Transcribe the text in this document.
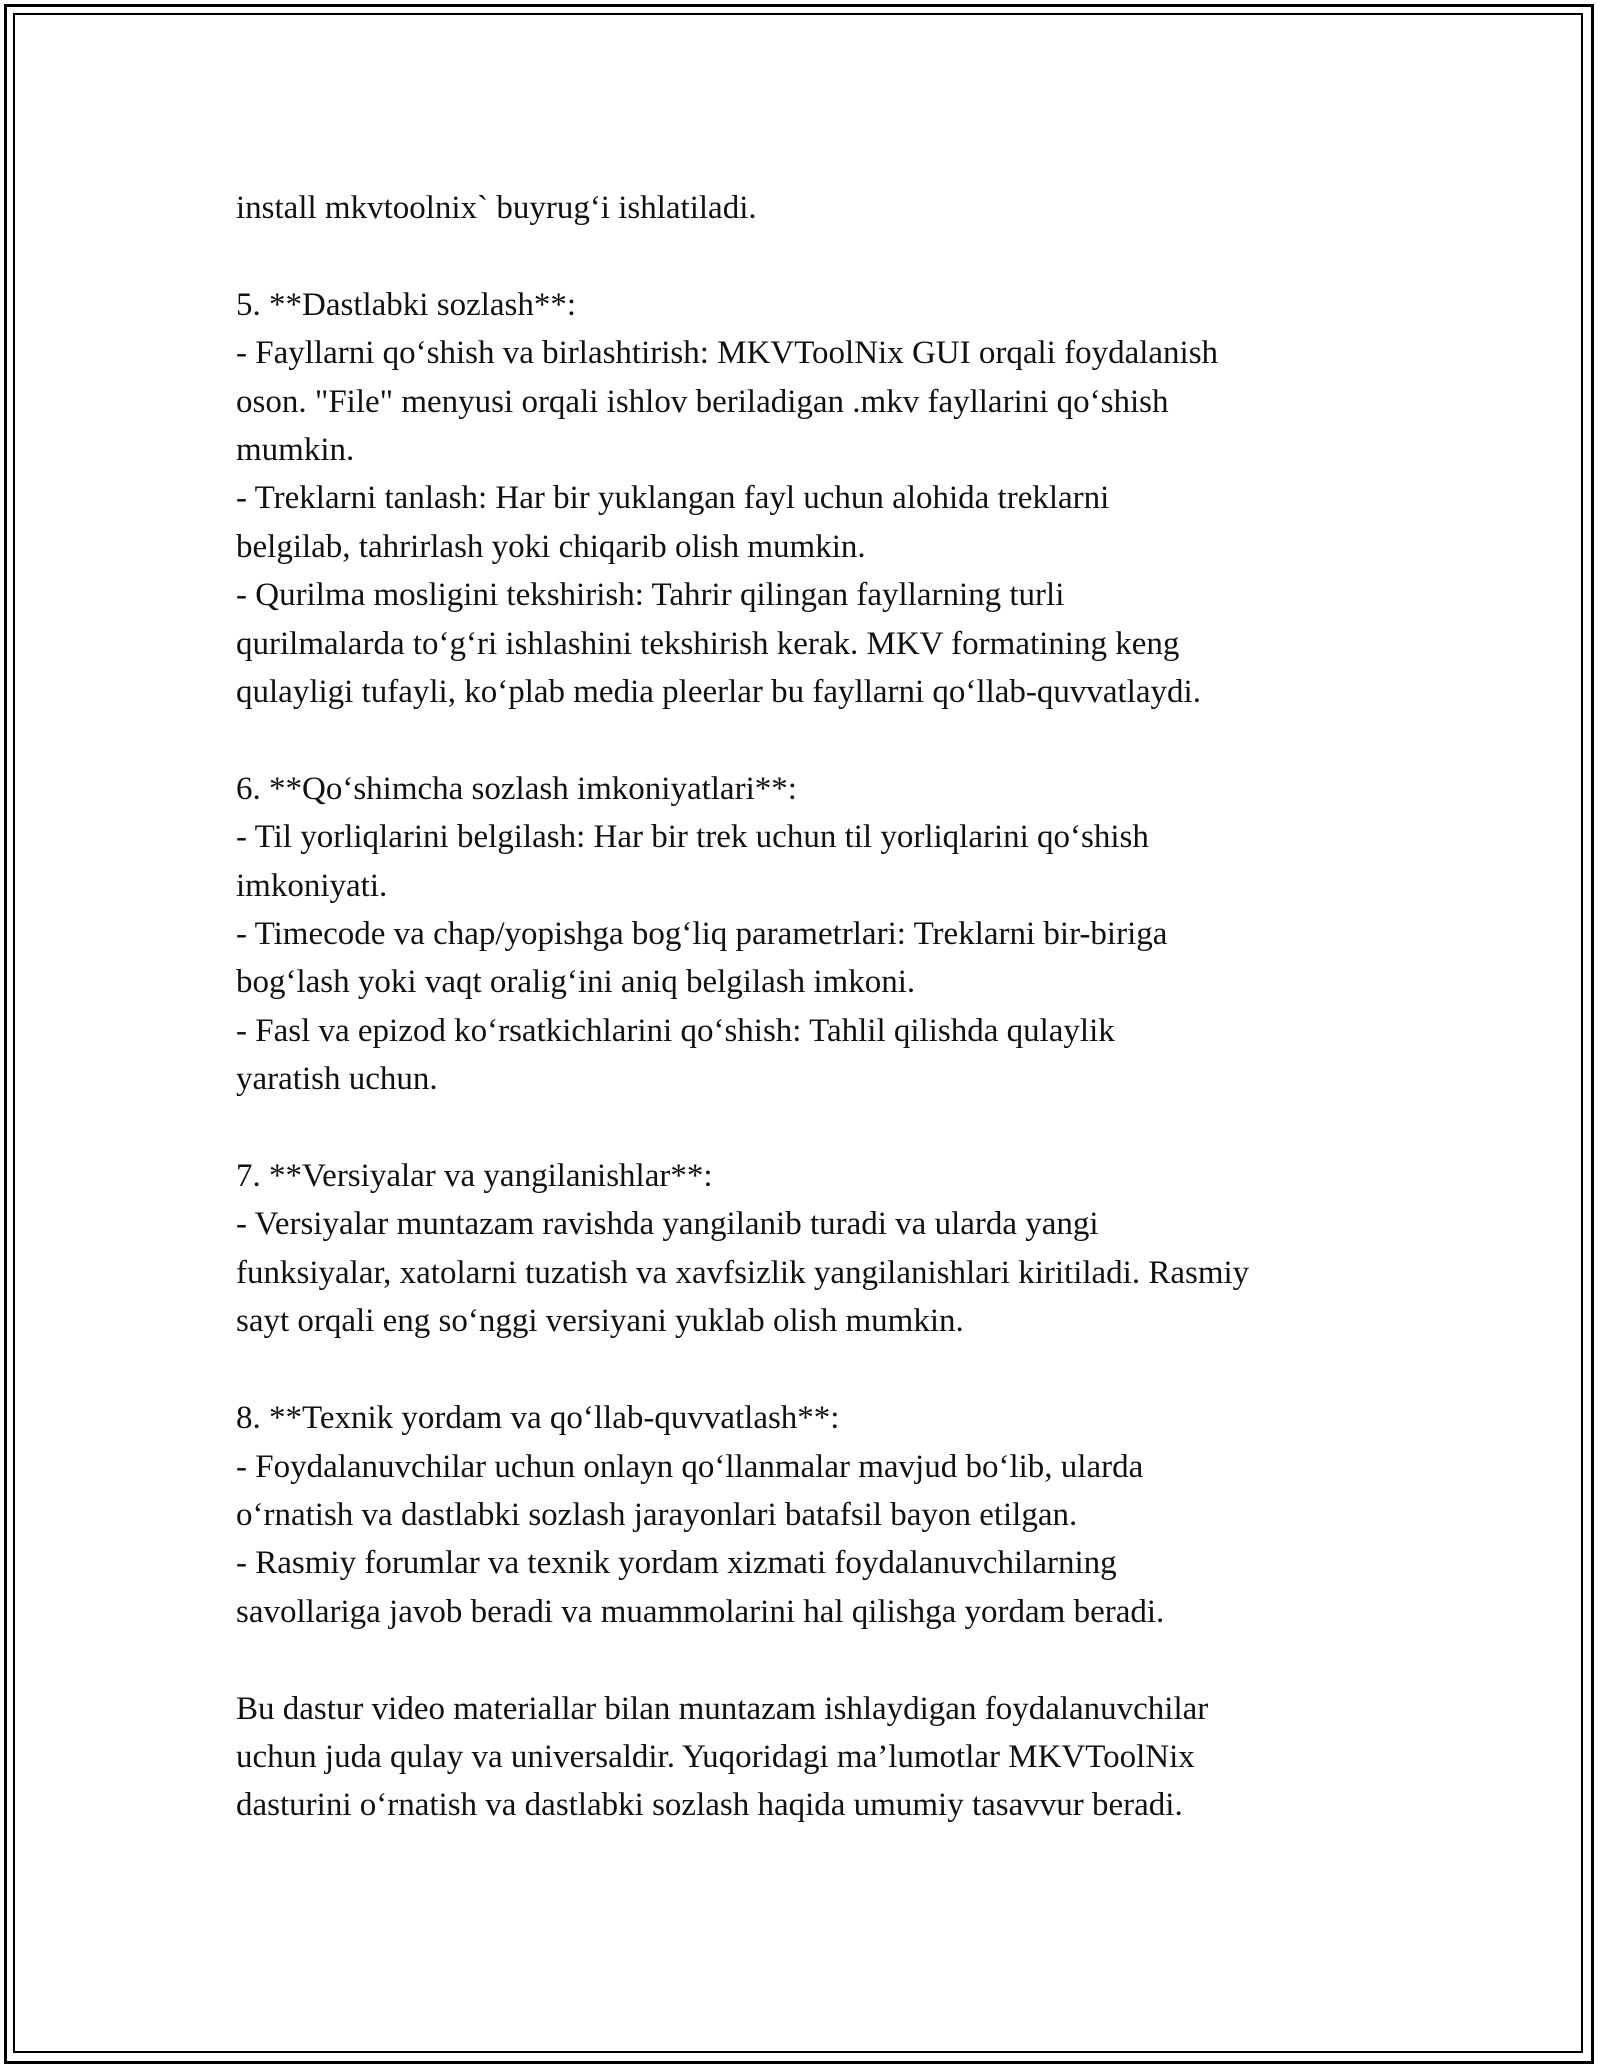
install mkvtoolnix` buyrug‘i ishlatiladi.

5. **Dastlabki sozlash**:

- Fayllarni qo‘shish va birlashtirish: MKVToolNix GUI orqali foydalanish

oson. "File" menyusi orqali ishlov beriladigan .mkv fayllarini qo‘shish

mumkin.

- Treklarni tanlash: Har bir yuklangan fayl uchun alohida treklarni

belgilab, tahrirlash yoki chiqarib olish mumkin.

- Qurilma mosligini tekshirish: Tahrir qilingan fayllarning turli

qurilmalarda to‘g‘ri ishlashini tekshirish kerak. MKV formatining keng

qulayligi tufayli, ko‘plab media pleerlar bu fayllarni qo‘llab-quvvatlaydi.

6. **Qo‘shimcha sozlash imkoniyatlari**:

- Til yorliqlarini belgilash: Har bir trek uchun til yorliqlarini qo‘shish

imkoniyati.

- Timecode va chap/yopishga bog‘liq parametrlari: Treklarni bir-biriga

bog‘lash yoki vaqt oralig‘ini aniq belgilash imkoni.

- Fasl va epizod ko‘rsatkichlarini qo‘shish: Tahlil qilishda qulaylik

yaratish uchun.

7. **Versiyalar va yangilanishlar**:

- Versiyalar muntazam ravishda yangilanib turadi va ularda yangi

funksiyalar, xatolarni tuzatish va xavfsizlik yangilanishlari kiritiladi. Rasmiy

sayt orqali eng so‘nggi versiyani yuklab olish mumkin.

8. **Texnik yordam va qo‘llab-quvvatlash**:

- Foydalanuvchilar uchun onlayn qo‘llanmalar mavjud bo‘lib, ularda

o‘rnatish va dastlabki sozlash jarayonlari batafsil bayon etilgan.

- Rasmiy forumlar va texnik yordam xizmati foydalanuvchilarning

savollariga javob beradi va muammolarini hal qilishga yordam beradi.

Bu dastur video materiallar bilan muntazam ishlaydigan foydalanuvchilar

uchun juda qulay va universaldir. Yuqoridagi ma’lumotlar MKVToolNix

dasturini o‘rnatish va dastlabki sozlash haqida umumiy tasavvur beradi.
